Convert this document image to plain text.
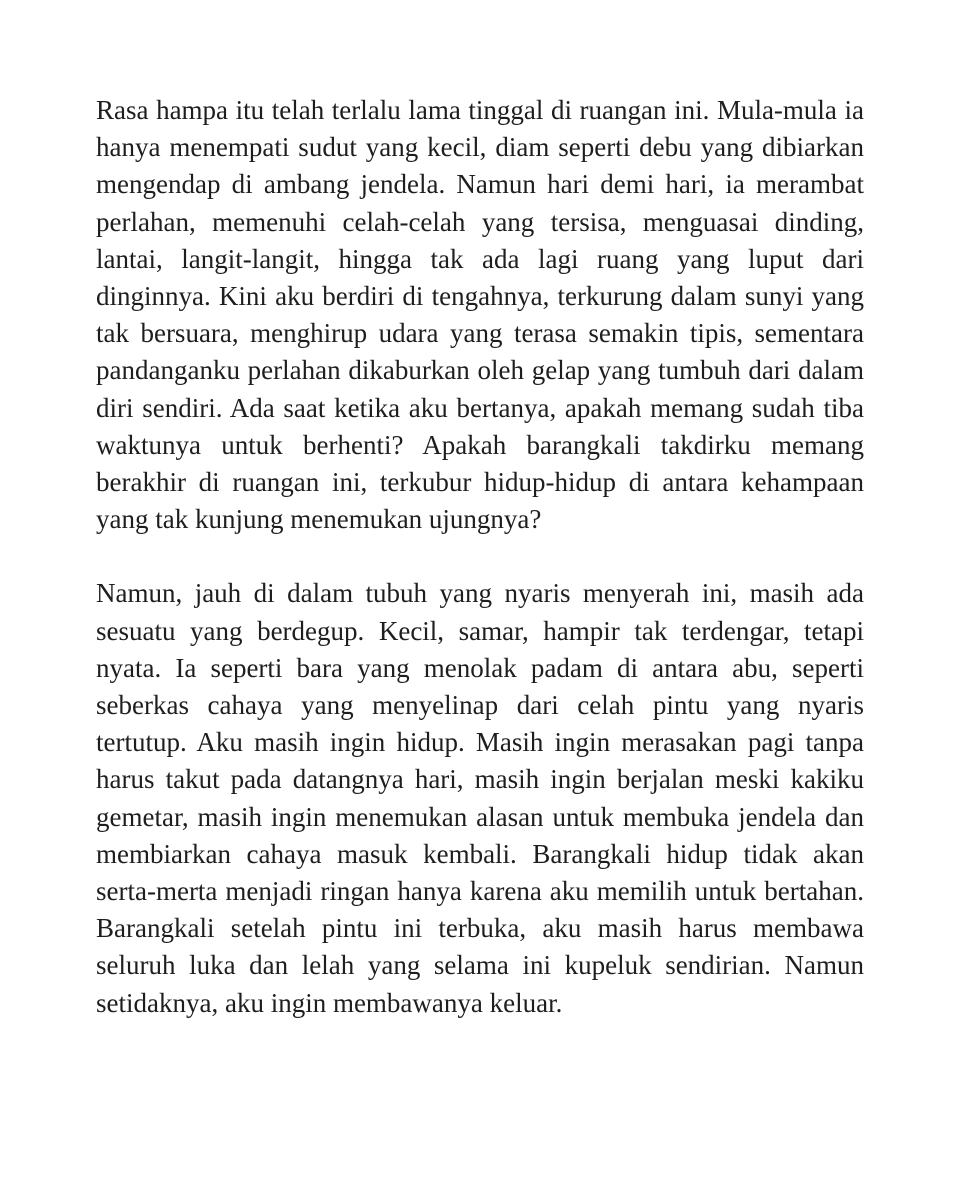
Rasa hampa itu telah terlalu lama tinggal di ruangan ini. Mula-mula ia hanya menempati sudut yang kecil, diam seperti debu yang dibiarkan mengendap di ambang jendela. Namun hari demi hari, ia merambat perlahan, memenuhi celah-celah yang tersisa, menguasai dinding, lantai, langit-langit, hingga tak ada lagi ruang yang luput dari dinginnya. Kini aku berdiri di tengahnya, terkurung dalam sunyi yang tak bersuara, menghirup udara yang terasa semakin tipis, sementara pandanganku perlahan dikaburkan oleh gelap yang tumbuh dari dalam diri sendiri. Ada saat ketika aku bertanya, apakah memang sudah tiba waktunya untuk berhenti? Apakah barangkali takdirku memang berakhir di ruangan ini, terkubur hidup-hidup di antara kehampaan yang tak kunjung menemukan ujungnya?

Namun, jauh di dalam tubuh yang nyaris menyerah ini, masih ada sesuatu yang berdegup. Kecil, samar, hampir tak terdengar, tetapi nyata. Ia seperti bara yang menolak padam di antara abu, seperti seberkas cahaya yang menyelinap dari celah pintu yang nyaris tertutup. Aku masih ingin hidup. Masih ingin merasakan pagi tanpa harus takut pada datangnya hari, masih ingin berjalan meski kakiku gemetar, masih ingin menemukan alasan untuk membuka jendela dan membiarkan cahaya masuk kembali. Barangkali hidup tidak akan serta-merta menjadi ringan hanya karena aku memilih untuk bertahan. Barangkali setelah pintu ini terbuka, aku masih harus membawa seluruh luka dan lelah yang selama ini kupeluk sendirian. Namun setidaknya, aku ingin membawanya keluar.
